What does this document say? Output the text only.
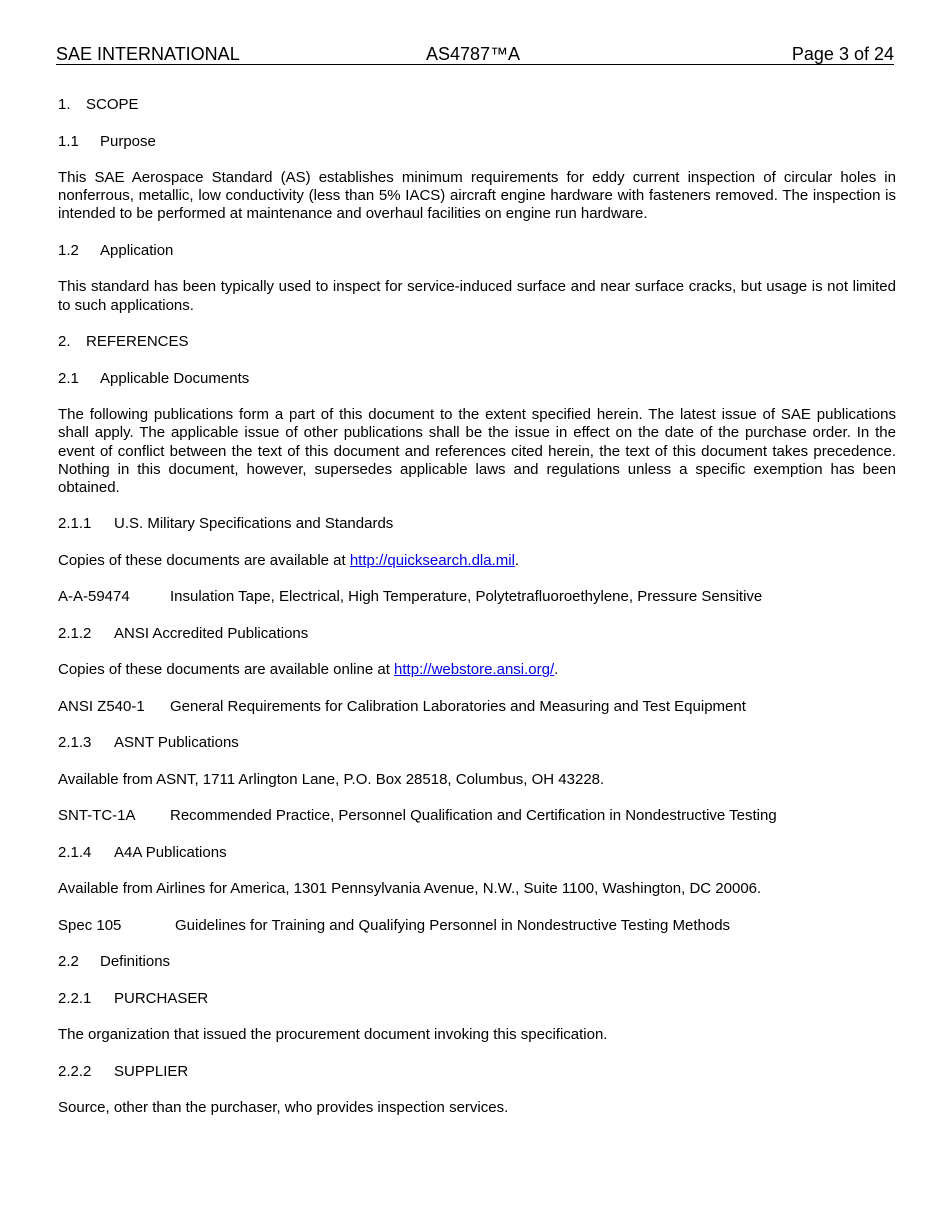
SAE INTERNATIONAL	AS4787™A	Page 3 of 24
1. SCOPE
1.1 Purpose
This SAE Aerospace Standard (AS) establishes minimum requirements for eddy current inspection of circular holes in nonferrous, metallic, low conductivity (less than 5% IACS) aircraft engine hardware with fasteners removed. The inspection is intended to be performed at maintenance and overhaul facilities on engine run hardware.
1.2 Application
This standard has been typically used to inspect for service-induced surface and near surface cracks, but usage is not limited to such applications.
2. REFERENCES
2.1 Applicable Documents
The following publications form a part of this document to the extent specified herein. The latest issue of SAE publications shall apply. The applicable issue of other publications shall be the issue in effect on the date of the purchase order. In the event of conflict between the text of this document and references cited herein, the text of this document takes precedence. Nothing in this document, however, supersedes applicable laws and regulations unless a specific exemption has been obtained.
2.1.1 U.S. Military Specifications and Standards
Copies of these documents are available at http://quicksearch.dla.mil.
A-A-59474	Insulation Tape, Electrical, High Temperature, Polytetrafluoroethylene, Pressure Sensitive
2.1.2 ANSI Accredited Publications
Copies of these documents are available online at http://webstore.ansi.org/.
ANSI Z540-1 General Requirements for Calibration Laboratories and Measuring and Test Equipment
2.1.3 ASNT Publications
Available from ASNT, 1711 Arlington Lane, P.O. Box 28518, Columbus, OH 43228.
SNT-TC-1A Recommended Practice, Personnel Qualification and Certification in Nondestructive Testing
2.1.4 A4A Publications
Available from Airlines for America, 1301 Pennsylvania Avenue, N.W., Suite 1100, Washington, DC 20006.
Spec 105	Guidelines for Training and Qualifying Personnel in Nondestructive Testing Methods
2.2 Definitions
2.2.1 PURCHASER
The organization that issued the procurement document invoking this specification.
2.2.2 SUPPLIER
Source, other than the purchaser, who provides inspection services.
